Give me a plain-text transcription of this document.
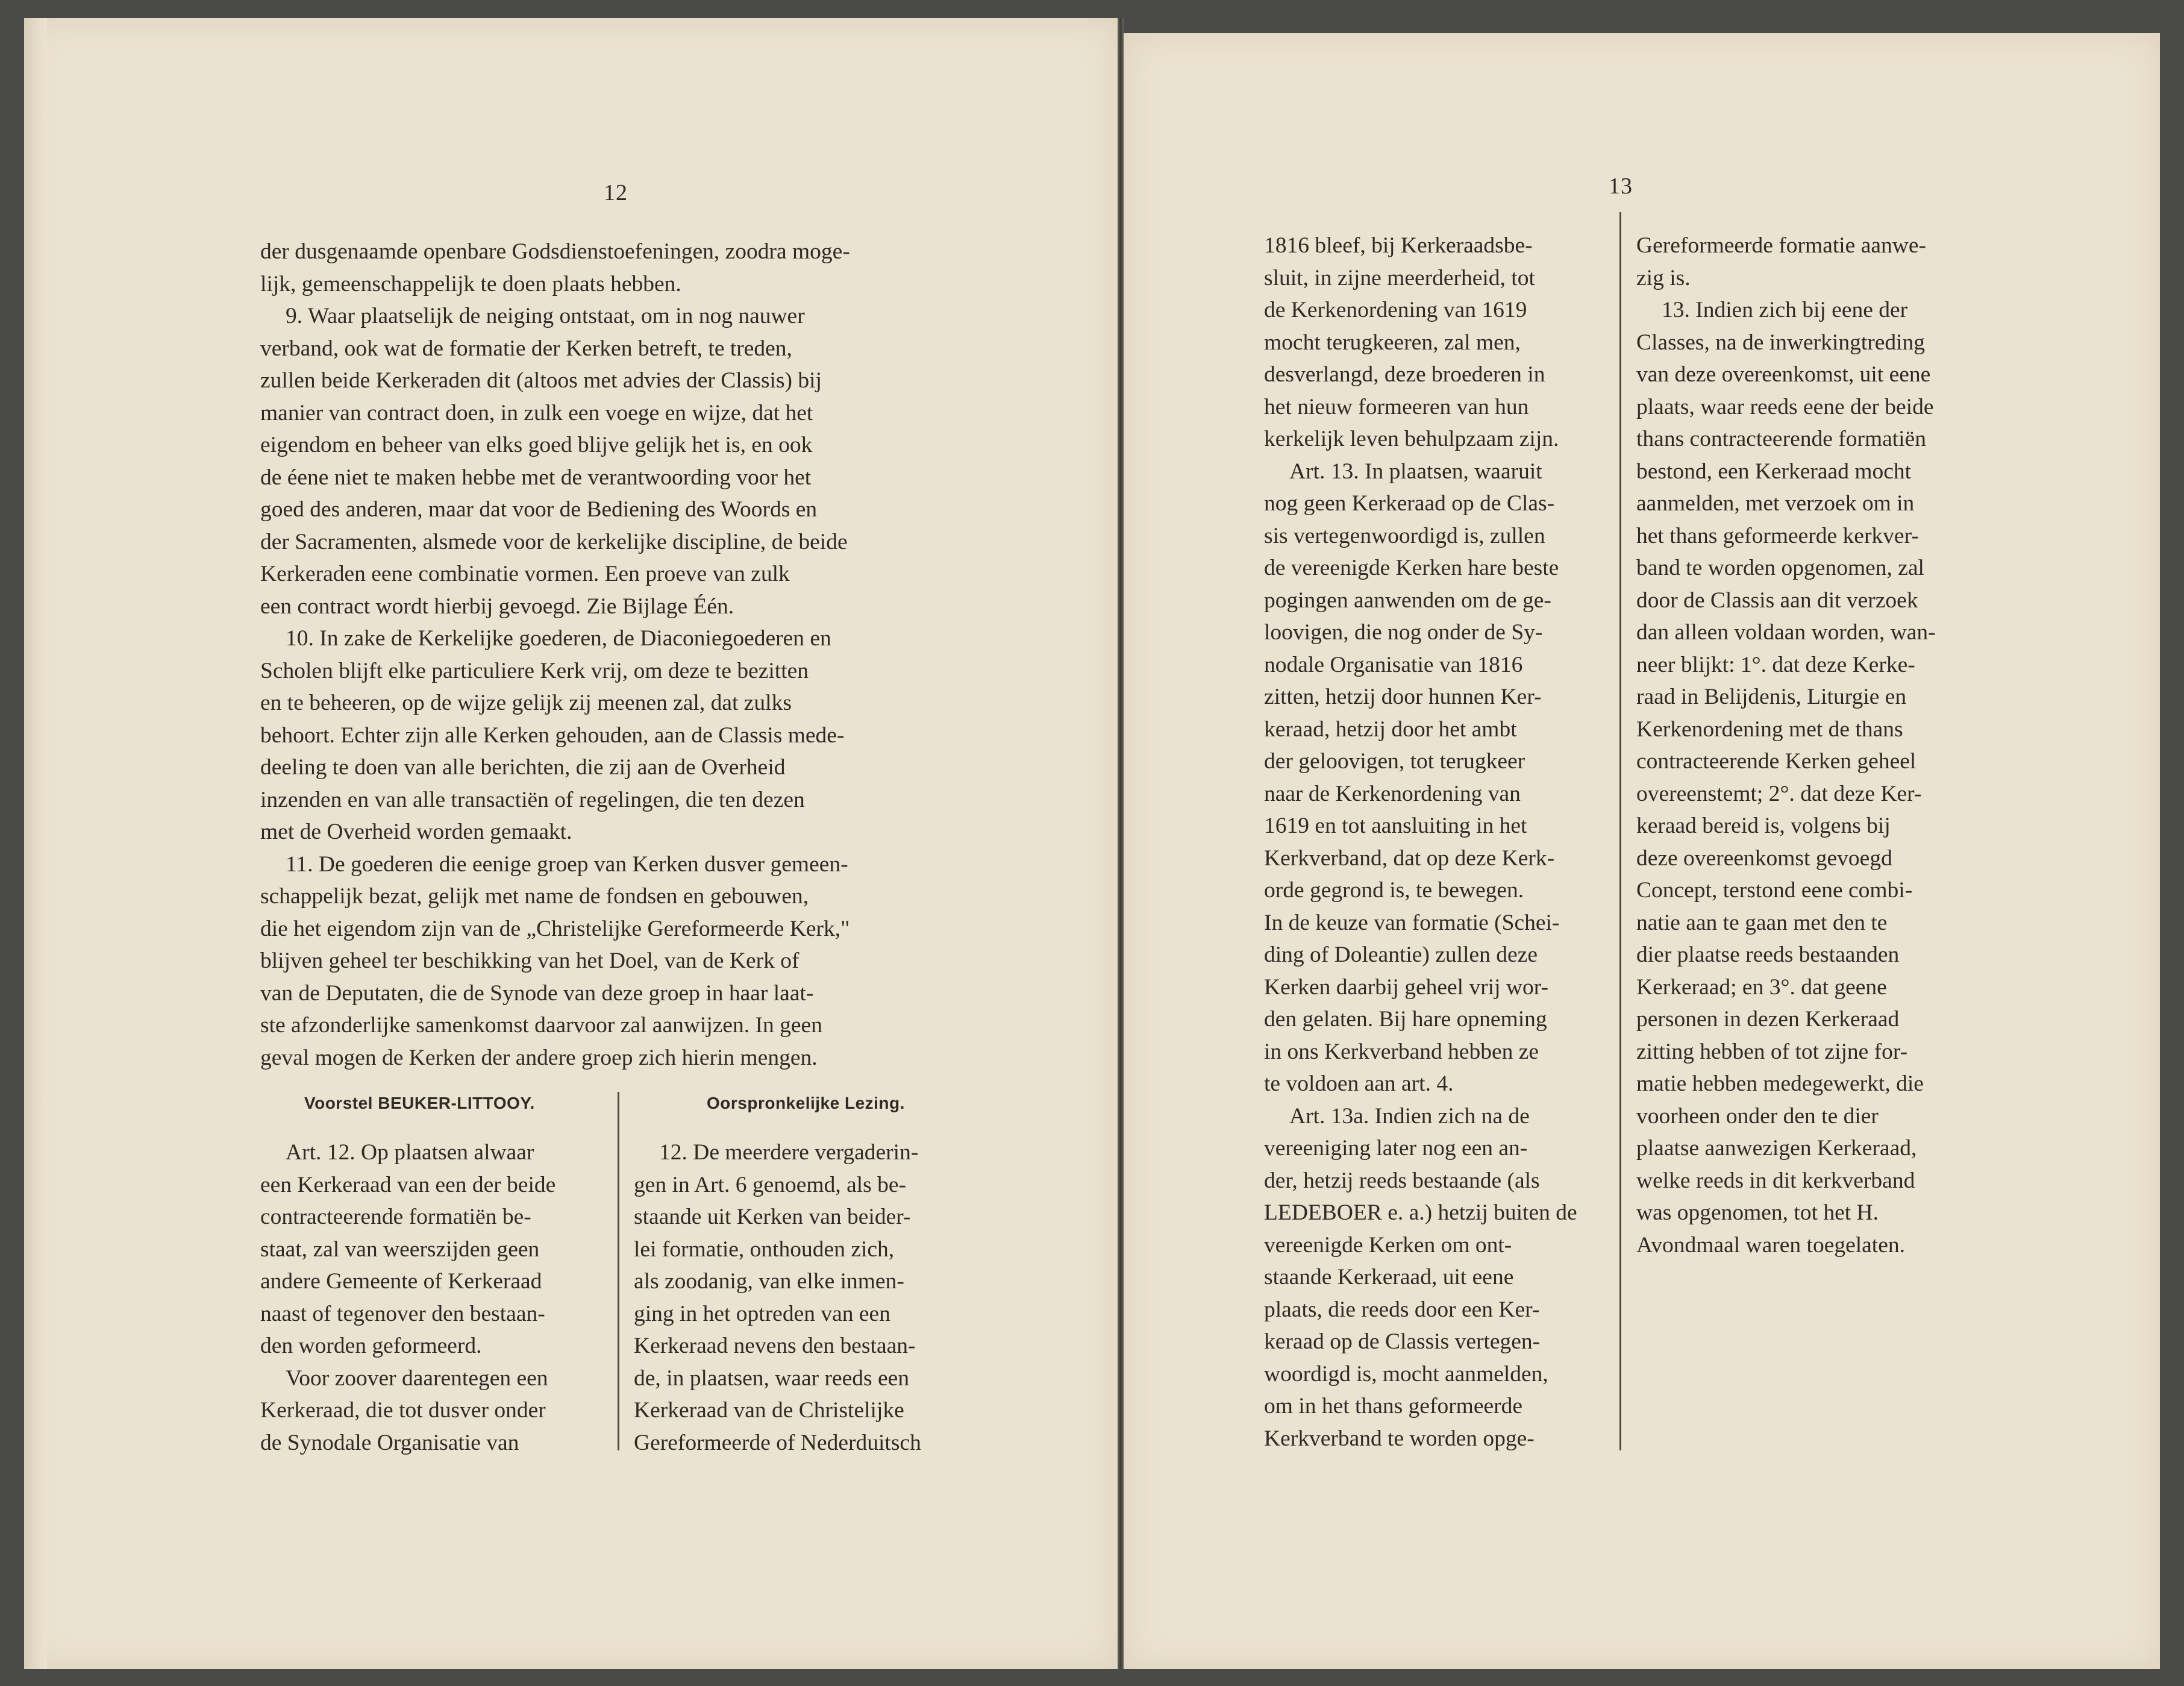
12	13
der dusgenaamde openbare Godsdienstoefeningen, zoodra moge-
lijk, gemeenschappelijk te doen plaats hebben.
9. Waar plaatselijk de neiging ontstaat, om in nog nauwer
verband, ook wat de formatie der Kerken betreft, te treden,
zullen beide Kerkeraden dit (altoos met advies der Classis) bij
manier van contract doen, in zulk een voege en wijze, dat het
eigendom en beheer van elks goed blijve gelijk het is, en ook
de éene niet te maken hebbe met de verantwoording voor het
goed des anderen, maar dat voor de Bediening des Woords en
der Sacramenten, alsmede voor de kerkelijke discipline, de beide
Kerkeraden eene combinatie vormen. Een proeve van zulk
een contract wordt hierbij gevoegd. Zie Bijlage Één.
10. In zake de Kerkelijke goederen, de Diaconiegoederen en
Scholen blijft elke particuliere Kerk vrij, om deze te bezitten
en te beheeren, op de wijze gelijk zij meenen zal, dat zulks
behoort. Echter zijn alle Kerken gehouden, aan de Classis mede-
deeling te doen van alle berichten, die zij aan de Overheid
inzenden en van alle transactiën of regelingen, die ten dezen
met de Overheid worden gemaakt.
11. De goederen die eenige groep van Kerken dusver gemeen-
schappelijk bezat, gelijk met name de fondsen en gebouwen,
die het eigendom zijn van de „Christelijke Gereformeerde Kerk,"
blijven geheel ter beschikking van het Doel, van de Kerk of
van de Deputaten, die de Synode van deze groep in haar laat-
ste afzonderlijke samenkomst daarvoor zal aanwijzen. In geen
geval mogen de Kerken der andere groep zich hierin mengen.
Voorstel BEUKER-LITTOOY.	Oorspronkelijke Lezing.
Art. 12. Op plaatsen alwaar
een Kerkeraad van een der beide
contracteerende formatiën be-
staat, zal van weerszijden geen
andere Gemeente of Kerkeraad
naast of tegenover den bestaan-
den worden geformeerd.
Voor zoover daarentegen een
Kerkeraad, die tot dusver onder
de Synodale Organisatie van
12. De meerdere vergaderin-
gen in Art. 6 genoemd, als be-
staande uit Kerken van beider-
lei formatie, onthouden zich,
als zoodanig, van elke inmen-
ging in het optreden van een
Kerkeraad nevens den bestaan-
de, in plaatsen, waar reeds een
Kerkeraad van de Christelijke
Gereformeerde of Nederduitsch
1816 bleef, bij Kerkeraadsbe-
sluit, in zijne meerderheid, tot
de Kerkenordening van 1619
mocht terugkeeren, zal men,
desverlangd, deze broederen in
het nieuw formeeren van hun
kerkelijk leven behulpzaam zijn.
Art. 13. In plaatsen, waaruit
nog geen Kerkeraad op de Clas-
sis vertegenwoordigd is, zullen
de vereenigde Kerken hare beste
pogingen aanwenden om de ge-
loovigen, die nog onder de Sy-
nodale Organisatie van 1816
zitten, hetzij door hunnen Ker-
keraad, hetzij door het ambt
der geloovigen, tot terugkeer
naar de Kerkenordening van
1619 en tot aansluiting in het
Kerkverband, dat op deze Kerk-
orde gegrond is, te bewegen.
In de keuze van formatie (Schei-
ding of Doleantie) zullen deze
Kerken daarbij geheel vrij wor-
den gelaten. Bij hare opneming
in ons Kerkverband hebben ze
te voldoen aan art. 4.
Art. 13a. Indien zich na de
vereeniging later nog een an-
der, hetzij reeds bestaande (als
LEDEBOER e. a.) hetzij buiten de
vereenigde Kerken om ont-
staande Kerkeraad, uit eene
plaats, die reeds door een Ker-
keraad op de Classis vertegen-
woordigd is, mocht aanmelden,
om in het thans geformeerde
Kerkverband te worden opge-
Gereformeerde formatie aanwe-
zig is.
13. Indien zich bij eene der
Classes, na de inwerkingtreding
van deze overeenkomst, uit eene
plaats, waar reeds eene der beide
thans contracteerende formatiën
bestond, een Kerkeraad mocht
aanmelden, met verzoek om in
het thans geformeerde kerkver-
band te worden opgenomen, zal
door de Classis aan dit verzoek
dan alleen voldaan worden, wan-
neer blijkt: 1°. dat deze Kerke-
raad in Belijdenis, Liturgie en
Kerkenordening met de thans
contracteerende Kerken geheel
overeenstemt; 2°. dat deze Ker-
keraad bereid is, volgens bij
deze overeenkomst gevoegd
Concept, terstond eene combi-
natie aan te gaan met den te
dier plaatse reeds bestaanden
Kerkeraad; en 3°. dat geene
personen in dezen Kerkeraad
zitting hebben of tot zijne for-
matie hebben medegewerkt, die
voorheen onder den te dier
plaatse aanwezigen Kerkeraad,
welke reeds in dit kerkverband
was opgenomen, tot het H.
Avondmaal waren toegelaten.
